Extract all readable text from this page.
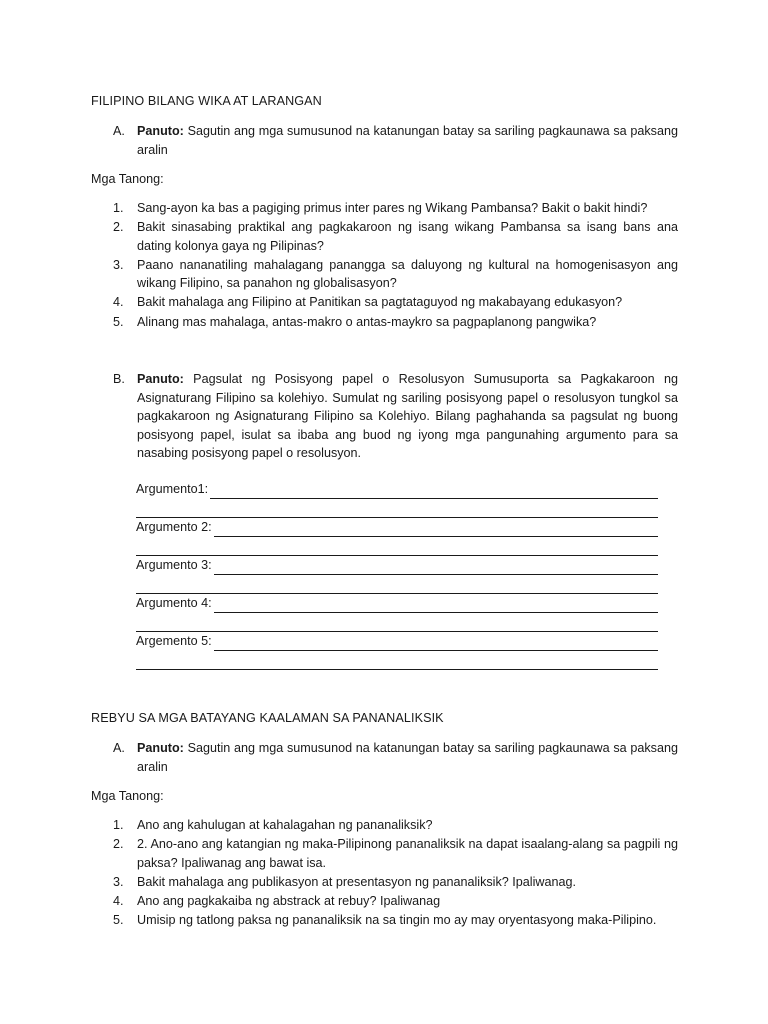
FILIPINO BILANG WIKA AT LARANGAN
A. Panuto: Sagutin ang mga sumusunod na katanungan batay sa sariling pagkaunawa sa paksang aralin
Mga Tanong:
1. Sang-ayon ka bas a pagiging primus inter pares ng Wikang Pambansa? Bakit o bakit hindi?
2. Bakit sinasabing praktikal ang pagkakaroon ng isang wikang Pambansa sa isang bans ana dating kolonya gaya ng Pilipinas?
3. Paano nananatiling mahalagang panangga sa daluyong ng kultural na homogenisasyon ang wikang Filipino, sa panahon ng globalisasyon?
4. Bakit mahalaga ang Filipino at Panitikan sa pagtataguyod ng makabayang edukasyon?
5. Alinang mas mahalaga, antas-makro o antas-maykro sa pagpaplanong pangwika?
B. Panuto: Pagsulat ng Posisyong papel o Resolusyon Sumusuporta sa Pagkakaroon ng Asignaturang Filipino sa kolehiyo. Sumulat ng sariling posisyong papel o resolusyon tungkol sa pagkakaroon ng Asignaturang Filipino sa Kolehiyo. Bilang paghahanda sa pagsulat ng buong posisyong papel, isulat sa ibaba ang buod ng iyong mga pangunahing argumento para sa nasabing posisyong papel o resolusyon.
Argumento1:
Argumento 2:
Argumento 3:
Argumento 4:
Argemento 5:
REBYU SA MGA BATAYANG KAALAMAN SA PANANALIKSIK
A. Panuto: Sagutin ang mga sumusunod na katanungan batay sa sariling pagkaunawa sa paksang aralin
Mga Tanong:
1. Ano ang kahulugan at kahalagahan ng pananaliksik?
2. 2. Ano-ano ang katangian ng maka-Pilipinong pananaliksik na dapat isaalang-alang sa pagpili ng paksa? Ipaliwanag ang bawat isa.
3. Bakit mahalaga ang publikasyon at presentasyon ng pananaliksik? Ipaliwanag.
4. Ano ang pagkakaiba ng abstrack at rebuy? Ipaliwanag
5. Umisip ng tatlong paksa ng pananaliksik na sa tingin mo ay may oryentasyong maka-Pilipino.
